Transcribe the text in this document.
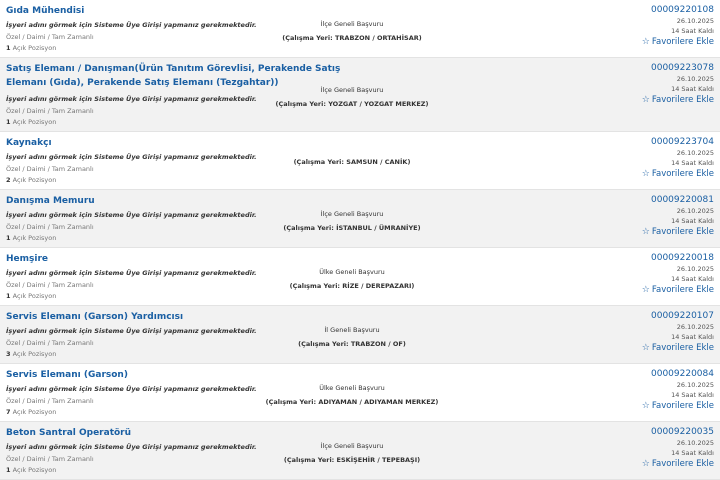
Gıda Mühendisi
İşyeri adını görmek için Sisteme Üye Girişi yapmanız gerekmektedir.
Özel / Daimi / Tam Zamanlı
1 Açık Pozisyon
İlçe Geneli Başvuru
(Çalışma Yeri: TRABZON / ORTAHİSAR)
00009220108
26.10.2025
14 Saat Kaldı
☆ Favorilere Ekle
Satış Elemanı / Danışman(Ürün Tanıtım Görevlisi, Perakende Satış Elemanı (Gıda), Perakende Satış Elemanı (Tezgahtar))
İşyeri adını görmek için Sisteme Üye Girişi yapmanız gerekmektedir.
Özel / Daimi / Tam Zamanlı
1 Açık Pozisyon
İlçe Geneli Başvuru
(Çalışma Yeri: YOZGAT / YOZGAT MERKEZ)
00009223078
26.10.2025
14 Saat Kaldı
☆ Favorilere Ekle
Kaynakçı
İşyeri adını görmek için Sisteme Üye Girişi yapmanız gerekmektedir.
Özel / Daimi / Tam Zamanlı
2 Açık Pozisyon
(Çalışma Yeri: SAMSUN / CANİK)
00009223704
26.10.2025
14 Saat Kaldı
☆ Favorilere Ekle
Danışma Memuru
İşyeri adını görmek için Sisteme Üye Girişi yapmanız gerekmektedir.
Özel / Daimi / Tam Zamanlı
1 Açık Pozisyon
İlçe Geneli Başvuru
(Çalışma Yeri: İSTANBUL / ÜMRANİYE)
00009220081
26.10.2025
14 Saat Kaldı
☆ Favorilere Ekle
Hemşire
İşyeri adını görmek için Sisteme Üye Girişi yapmanız gerekmektedir.
Özel / Daimi / Tam Zamanlı
1 Açık Pozisyon
Ülke Geneli Başvuru
(Çalışma Yeri: RİZE / DEREPAZARI)
00009220018
26.10.2025
14 Saat Kaldı
☆ Favorilere Ekle
Servis Elemanı (Garson) Yardımcısı
İşyeri adını görmek için Sisteme Üye Girişi yapmanız gerekmektedir.
Özel / Daimi / Tam Zamanlı
3 Açık Pozisyon
İl Geneli Başvuru
(Çalışma Yeri: TRABZON / OF)
00009220107
26.10.2025
14 Saat Kaldı
☆ Favorilere Ekle
Servis Elemanı (Garson)
İşyeri adını görmek için Sisteme Üye Girişi yapmanız gerekmektedir.
Özel / Daimi / Tam Zamanlı
7 Açık Pozisyon
Ülke Geneli Başvuru
(Çalışma Yeri: ADIYAMAN / ADIYAMAN MERKEZ)
00009220084
26.10.2025
14 Saat Kaldı
☆ Favorilere Ekle
Beton Santral Operatörü
İşyeri adını görmek için Sisteme Üye Girişi yapmanız gerekmektedir.
Özel / Daimi / Tam Zamanlı
1 Açık Pozisyon
İlçe Geneli Başvuru
(Çalışma Yeri: ESKİŞEHİR / TEPEBAŞI)
00009220035
26.10.2025
14 Saat Kaldı
☆ Favorilere Ekle
